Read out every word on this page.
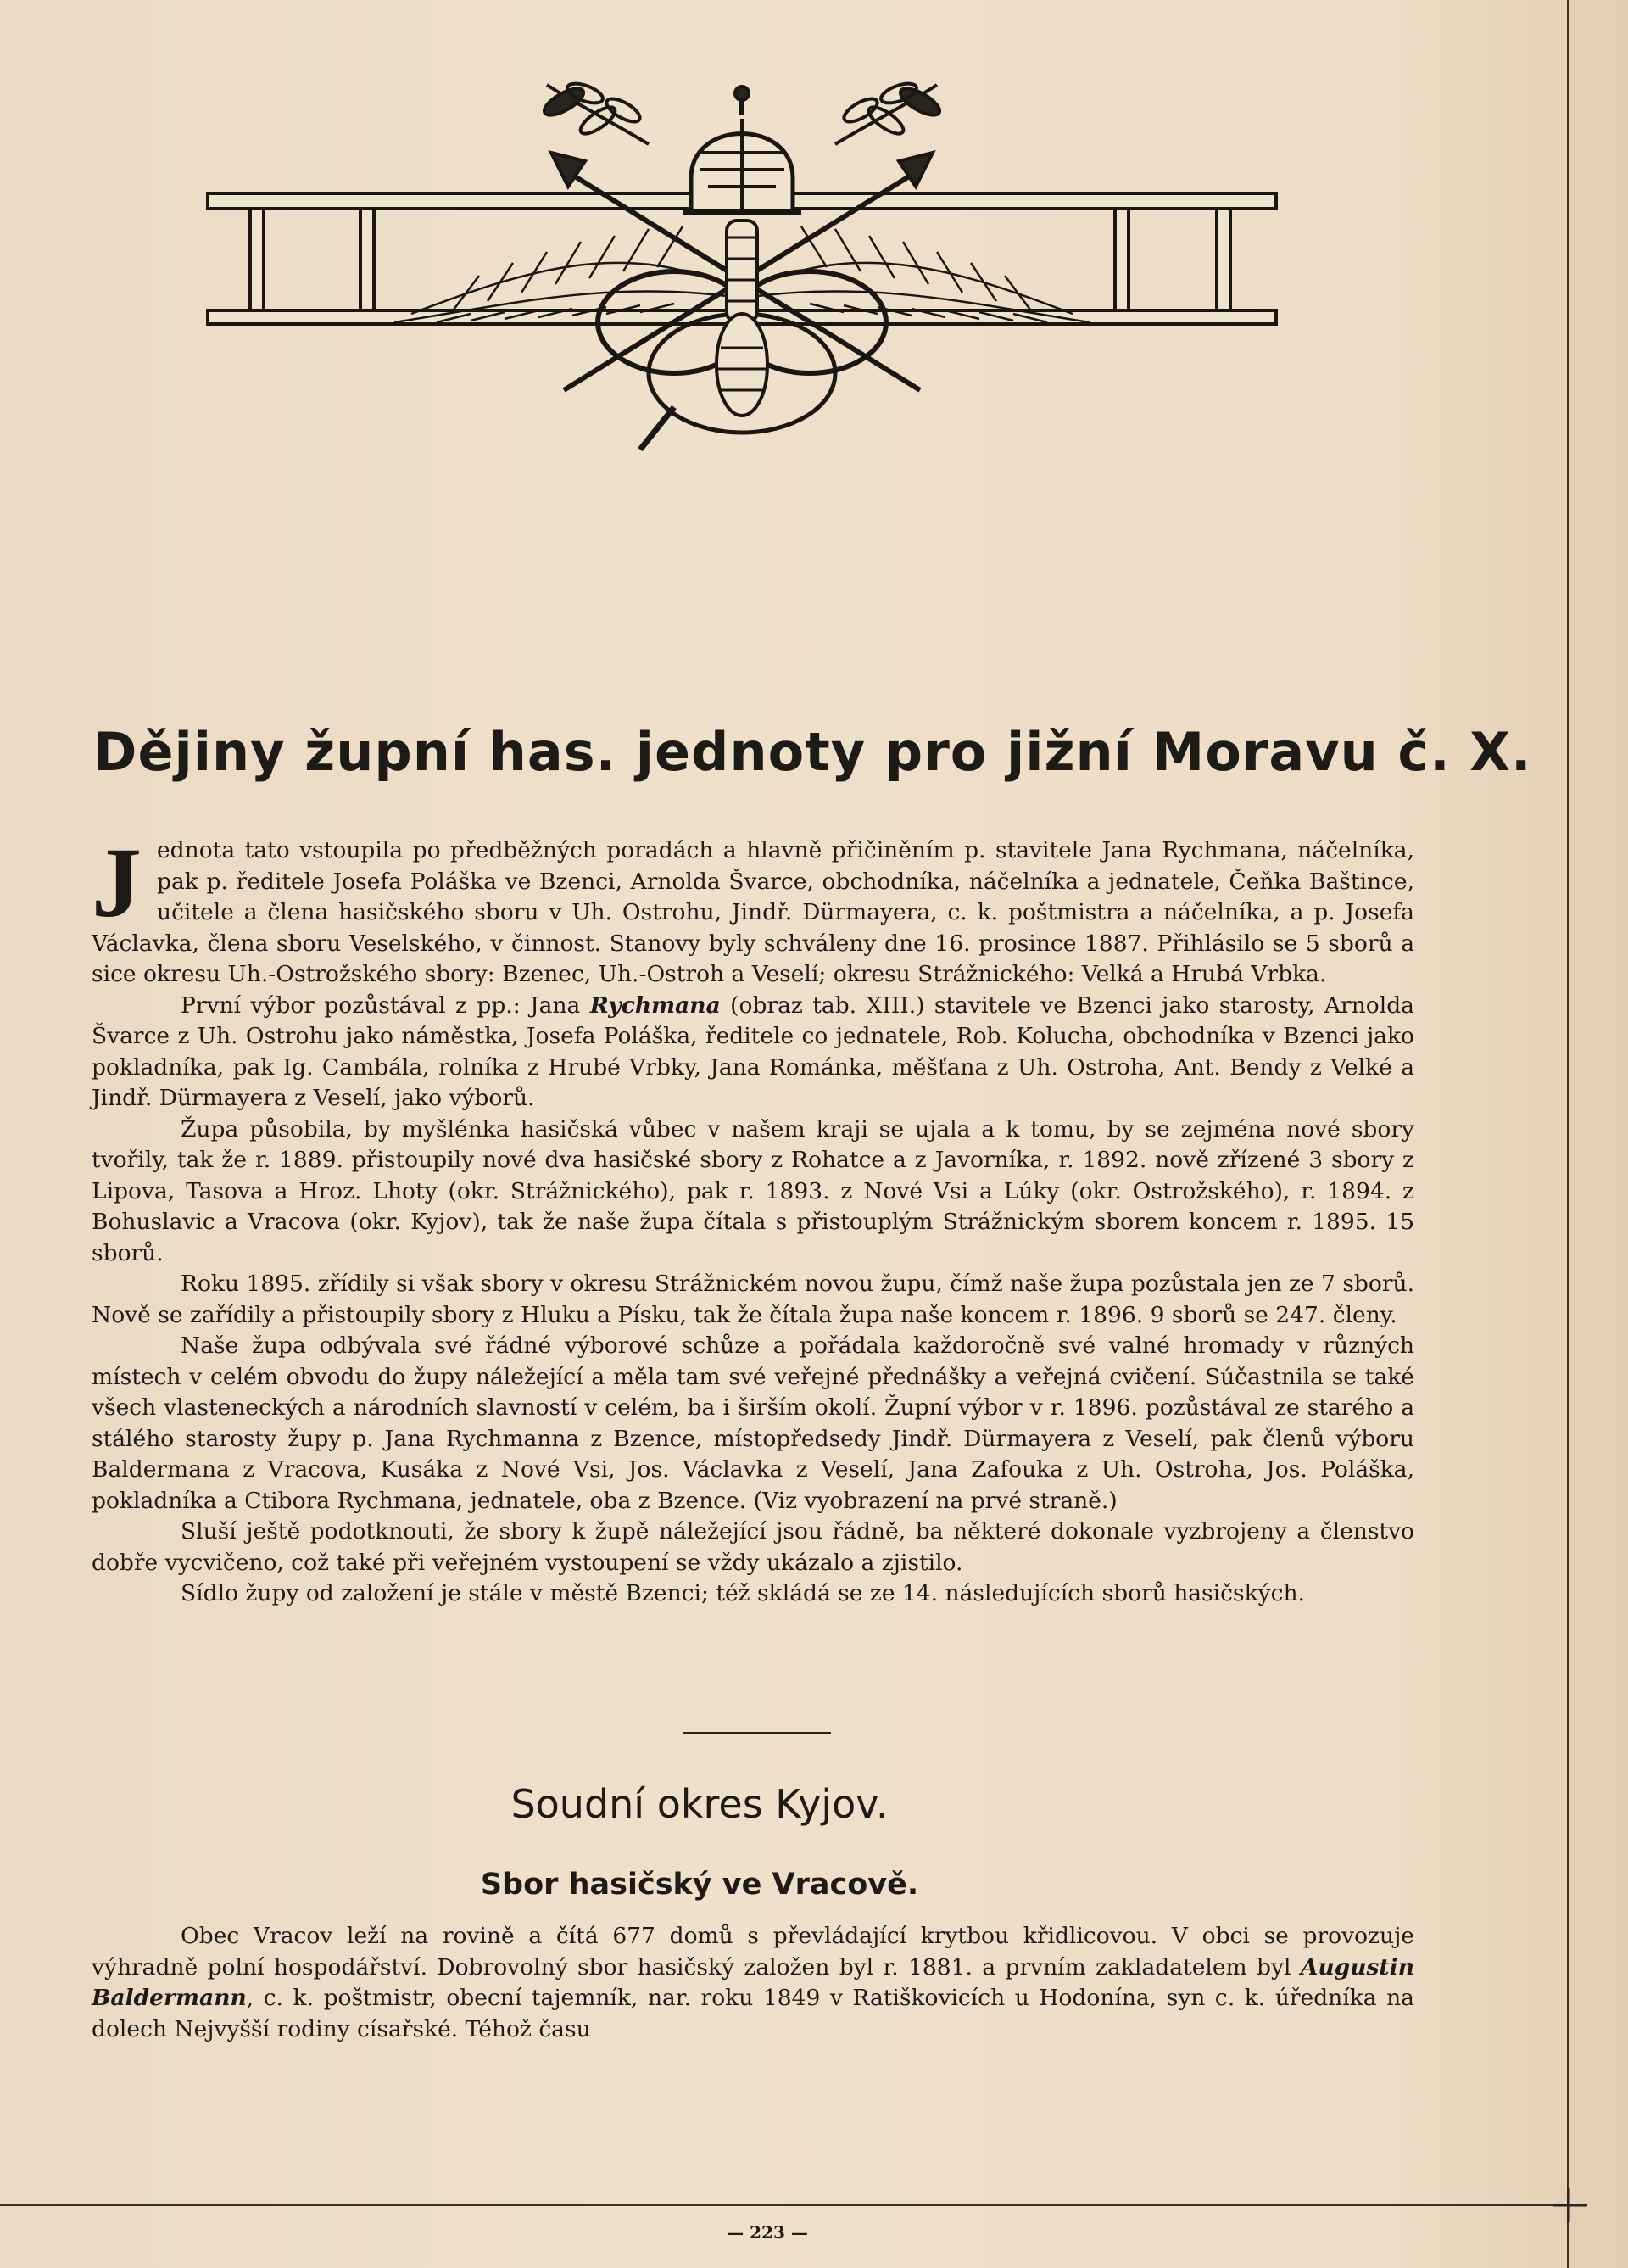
Dějiny župní has. jednoty pro jižní Moravu č. X.

Jednota tato vstoupila po předběžných poradách a hlavně přičiněním p. stavitele Jana Rychmana, náčelníka, pak p. ředitele Josefa Poláška ve Bzenci, Arnolda Švarce, obchodníka, náčelníka a jednatele, Čeňka Baštince, učitele a člena hasičského sboru v Uh. Ostrohu, Jindř. Dürmayera, c. k. poštmistra a náčelníka, a p. Josefa Václavka, člena sboru Veselského, v činnost. Stanovy byly schváleny dne 16. prosince 1887. Přihlásilo se 5 sborů a sice okresu Uh.-Ostrožského sbory: Bzenec, Uh.-Ostroh a Veselí; okresu Strážnického: Velká a Hrubá Vrbka.

První výbor pozůstával z pp.: Jana Rychmana (obraz tab. XIII.) stavitele ve Bzenci jako starosty, Arnolda Švarce z Uh. Ostrohu jako náměstka, Josefa Poláška, ředitele co jednatele, Rob. Kolucha, obchodníka v Bzenci jako pokladníka, pak Ig. Cambála, rolníka z Hrubé Vrbky, Jana Románka, měšťana z Uh. Ostroha, Ant. Bendy z Velké a Jindř. Dürmayera z Veselí, jako výborů.

Župa působila, by myšlénka hasičská vůbec v našem kraji se ujala a k tomu, by se zejména nové sbory tvořily, tak že r. 1889. přistoupily nové dva hasičské sbory z Rohatce a z Javorníka, r. 1892. nově zřízené 3 sbory z Lipova, Tasova a Hroz. Lhoty (okr. Strážnického), pak r. 1893. z Nové Vsi a Lúky (okr. Ostrožského), r. 1894. z Bohuslavic a Vracova (okr. Kyjov), tak že naše župa čítala s přistouplým Strážnickým sborem koncem r. 1895. 15 sborů.

Roku 1895. zřídily si však sbory v okresu Strážnickém novou župu, čímž naše župa pozůstala jen ze 7 sborů. Nově se zařídily a přistoupily sbory z Hluku a Písku, tak že čítala župa naše koncem r. 1896. 9 sborů se 247. členy.

Naše župa odbývala své řádné výborové schůze a pořádala každoročně své valné hromady v různých místech v celém obvodu do župy náležející a měla tam své veřejné přednášky a veřejná cvičení. Súčastnila se také všech vlasteneckých a národních slavností v celém, ba i širším okolí. Župní výbor v r. 1896. pozůstával ze starého a stálého starosty župy p. Jana Rychmanna z Bzence, místopředsedy Jindř. Dürmayera z Veselí, pak členů výboru Baldermana z Vracova, Kusáka z Nové Vsi, Jos. Václavka z Veselí, Jana Zafouka z Uh. Ostroha, Jos. Poláška, pokladníka a Ctibora Rychmana, jednatele, oba z Bzence. (Viz vyobrazení na prvé straně.)

Sluší ještě podotknouti, že sbory k župě náležející jsou řádně, ba některé dokonale vyzbrojeny a členstvo dobře vycvičeno, což také při veřejném vystoupení se vždy ukázalo a zjistilo.

Sídlo župy od založení je stále v městě Bzenci; též skládá se ze 14. následujících sborů hasičských.

Soudní okres Kyjov.
Sbor hasičský ve Vracově.

Obec Vracov leží na rovině a čítá 677 domů s převládající krytbou křidlicovou. V obci se provozuje výhradně polní hospodářství. Dobrovolný sbor hasičský založen byl r. 1881. a prvním zakladatelem byl Augustin Baldermann, c. k. poštmistr, obecní tajemník, nar. roku 1849 v Ratiškovicích u Hodonína, syn c. k. úředníka na dolech Nejvyšší rodiny císařské. Téhož času

— 223 —
